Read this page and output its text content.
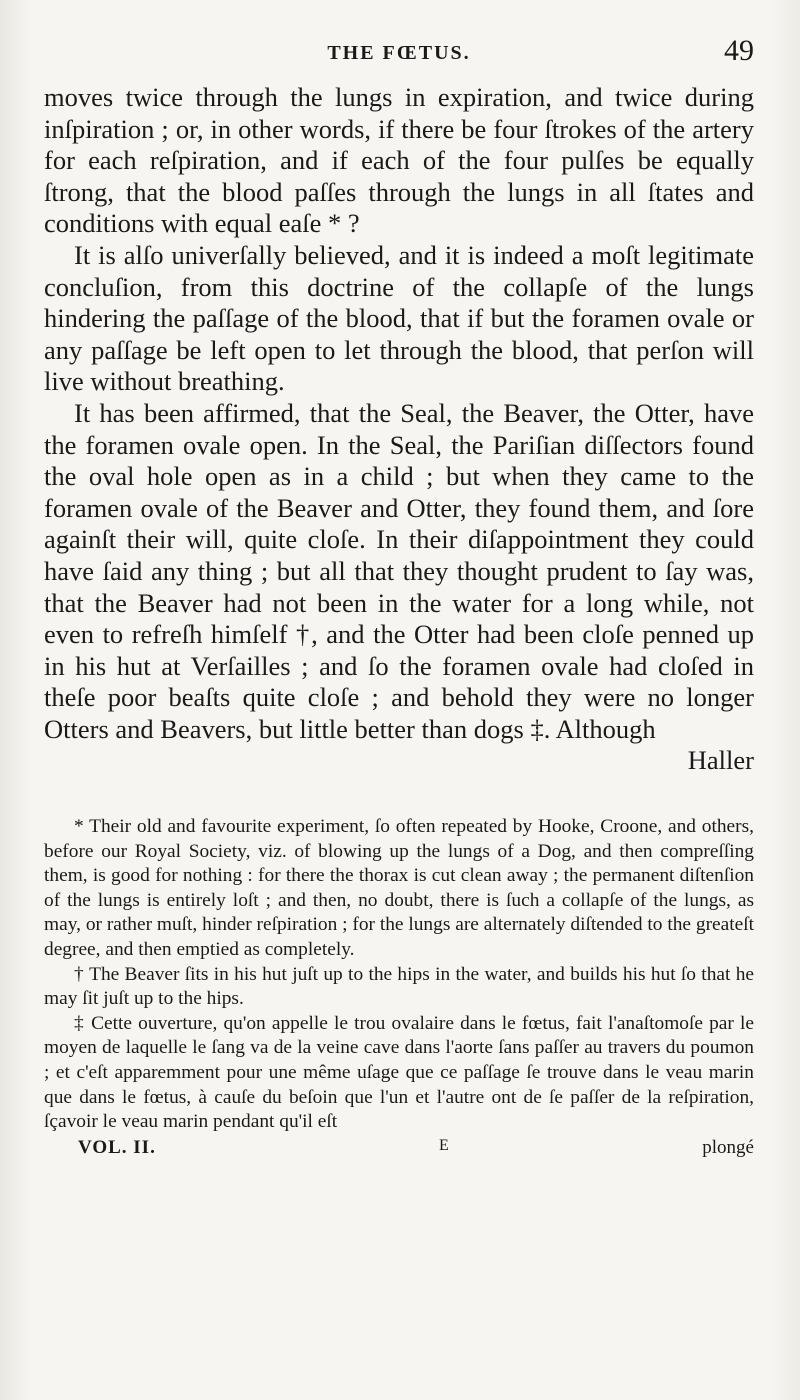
THE FŒTUS.	49

moves twice through the lungs in expiration, and twice during inſpiration ; or, in other words, if there be four ſtrokes of the artery for each reſpiration, and if each of the four pulſes be equally ſtrong, that the blood paſſes through the lungs in all ſtates and conditions with equal eaſe * ?

It is alſo univerſally believed, and it is indeed a moſt legitimate concluſion, from this doctrine of the collapſe of the lungs hindering the paſſage of the blood, that if but the foramen ovale or any paſſage be left open to let through the blood, that perſon will live without breathing.

It has been affirmed, that the Seal, the Beaver, the Otter, have the foramen ovale open. In the Seal, the Pariſian diſſectors found the oval hole open as in a child ; but when they came to the foramen ovale of the Beaver and Otter, they found them, and ſore againſt their will, quite cloſe. In their diſappointment they could have ſaid any thing ; but all that they thought prudent to ſay was, that the Beaver had not been in the water for a long while, not even to refreſh himſelf †, and the Otter had been cloſe penned up in his hut at Verſailles ; and ſo the foramen ovale had cloſed in theſe poor beaſts quite cloſe ; and behold they were no longer Otters and Beavers, but little better than dogs ‡. Although

Haller

* Their old and favourite experiment, ſo often repeated by Hooke, Croone, and others, before our Royal Society, viz. of blowing up the lungs of a Dog, and then compreſſing them, is good for nothing : for there the thorax is cut clean away ; the permanent diſtenſion of the lungs is entirely loſt ; and then, no doubt, there is ſuch a collapſe of the lungs, as may, or rather muſt, hinder reſpiration ; for the lungs are alternately diſtended to the greateſt degree, and then emptied as completely.

† The Beaver ſits in his hut juſt up to the hips in the water, and builds his hut ſo that he may ſit juſt up to the hips.

‡ Cette ouverture, qu'on appelle le trou ovalaire dans le fœtus, fait l'anaſtomoſe par le moyen de laquelle le ſang va de la veine cave dans l'aorte ſans paſſer au travers du poumon ; et c'eſt apparemment pour une même uſage que ce paſſage ſe trouve dans le veau marin que dans le fœtus, à cauſe du beſoin que l'un et l'autre ont de ſe paſſer de la reſpiration, ſçavoir le veau marin pendant qu'il eſt

VOL. II.	E	plongé
